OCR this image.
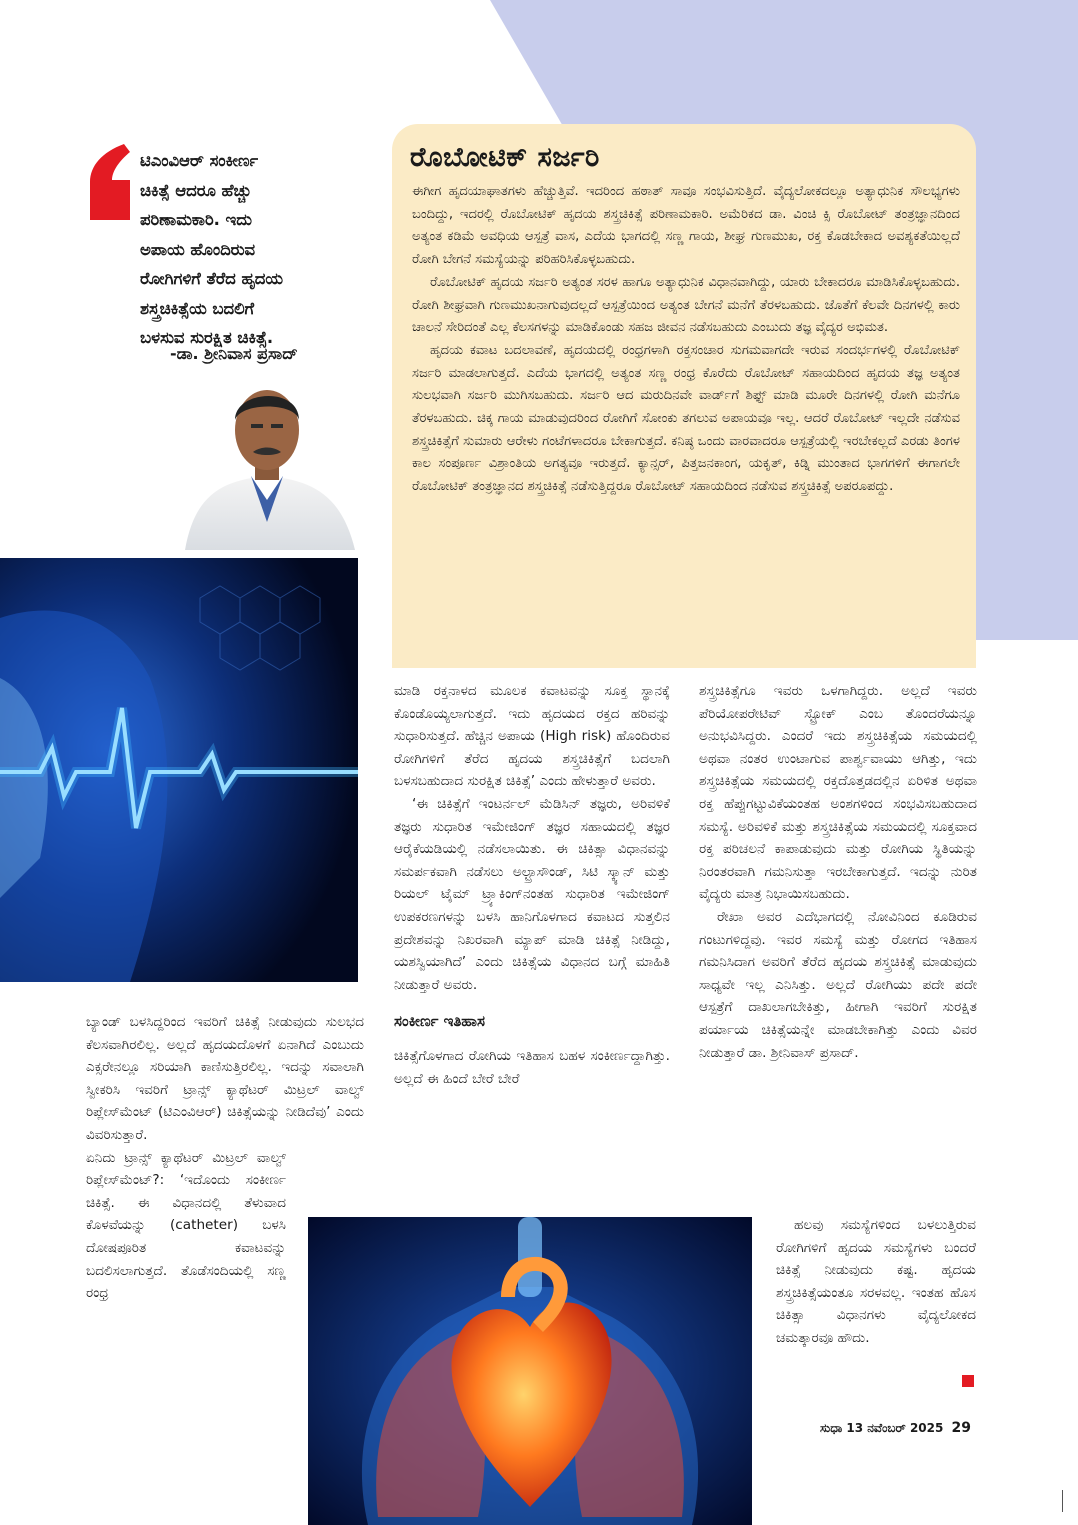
ಟಿಎಂವಿಆರ್ ಸಂಕೀರ್ಣ
ಚಿಕಿತ್ಸೆ ಆದರೂ ಹೆಚ್ಚು
ಪರಿಣಾಮಕಾರಿ. ಇದು
ಅಪಾಯ ಹೊಂದಿರುವ
ರೋಗಿಗಳಿಗೆ ತೆರೆದ ಹೃದಯ
ಶಸ್ತ್ರಚಿಕಿತ್ಸೆಯ ಬದಲಿಗೆ
ಬಳಸುವ ಸುರಕ್ಷಿತ ಚಿಕಿತ್ಸೆ.
-ಡಾ. ಶ್ರೀನಿವಾಸ ಪ್ರಸಾದ್
ರೊಬೋಟಿಕ್ ಸರ್ಜರಿ

ಈಗೀಗ ಹೃದಯಾಘಾತಗಳು ಹೆಚ್ಚುತ್ತಿವೆ. ಇದರಿಂದ ಹಠಾತ್ ಸಾವೂ ಸಂಭವಿಸುತ್ತಿದೆ. ವೈದ್ಯಲೋಕದಲ್ಲೂ ಅತ್ಯಾಧುನಿಕ ಸೌಲಭ್ಯಗಳು ಬಂದಿದ್ದು, ಇದರಲ್ಲಿ ರೊಬೋಟಿಕ್ ಹೃದಯ ಶಸ್ತ್ರಚಿಕಿತ್ಸೆ ಪರಿಣಾಮಕಾರಿ. ಅಮೆರಿಕದ ಡಾ. ವಿಂಚಿ ಕ್ಸಿ ರೊಬೋಟ್ ತಂತ್ರಜ್ಞಾನದಿಂದ ಅತ್ಯಂತ ಕಡಿಮೆ ಅವಧಿಯ ಆಸ್ಪತ್ರೆ ವಾಸ, ಎದೆಯ ಭಾಗದಲ್ಲಿ ಸಣ್ಣ ಗಾಯ, ಶೀಘ್ರ ಗುಣಮುಖ, ರಕ್ತ ಕೊಡಬೇಕಾದ ಅವಶ್ಯಕತೆಯಿಲ್ಲದೆ ರೋಗಿ ಬೇಗನೆ ಸಮಸ್ಯೆಯನ್ನು ಪರಿಹರಿಸಿಕೊಳ್ಳಬಹುದು.

ರೊಬೋಟಿಕ್ ಹೃದಯ ಸರ್ಜರಿ ಅತ್ಯಂತ ಸರಳ ಹಾಗೂ ಅತ್ಯಾಧುನಿಕ ವಿಧಾನವಾಗಿದ್ದು, ಯಾರು ಬೇಕಾದರೂ ಮಾಡಿಸಿಕೊಳ್ಳಬಹುದು. ರೋಗಿ ಶೀಘ್ರವಾಗಿ ಗುಣಮುಖನಾಗುವುದಲ್ಲದೆ ಆಸ್ಪತ್ರೆಯಿಂದ ಅತ್ಯಂತ ಬೇಗನೆ ಮನೆಗೆ ತೆರಳಬಹುದು. ಜೊತೆಗೆ ಕೆಲವೇ ದಿನಗಳಲ್ಲಿ ಕಾರು ಚಾಲನೆ ಸೇರಿದಂತೆ ಎಲ್ಲ ಕೆಲಸಗಳನ್ನು ಮಾಡಿಕೊಂಡು ಸಹಜ ಜೀವನ ನಡೆಸಬಹುದು ಎಂಬುದು ತಜ್ಞ ವೈದ್ಯರ ಅಭಿಮತ.

ಹೃದಯ ಕವಾಟ ಬದಲಾವಣೆ, ಹೃದಯದಲ್ಲಿ ರಂಧ್ರಗಳಾಗಿ ರಕ್ತಸಂಚಾರ ಸುಗಮವಾಗದೇ ಇರುವ ಸಂದರ್ಭಗಳಲ್ಲಿ ರೊಬೋಟಿಕ್ ಸರ್ಜರಿ ಮಾಡಲಾಗುತ್ತದೆ. ಎದೆಯ ಭಾಗದಲ್ಲಿ ಅತ್ಯಂತ ಸಣ್ಣ ರಂಧ್ರ ಕೊರೆದು ರೊಬೋಟ್ ಸಹಾಯದಿಂದ ಹೃದಯ ತಜ್ಞ ಅತ್ಯಂತ ಸುಲಭವಾಗಿ ಸರ್ಜರಿ ಮುಗಿಸಬಹುದು. ಸರ್ಜರಿ ಆದ ಮರುದಿನವೇ ವಾರ್ಡ್‌ಗೆ ಶಿಫ್ಟ್ ಮಾಡಿ ಮೂರೇ ದಿನಗಳಲ್ಲಿ ರೋಗಿ ಮನೆಗೂ ತೆರಳಬಹುದು. ಚಿಕ್ಕ ಗಾಯ ಮಾಡುವುದರಿಂದ ರೋಗಿಗೆ ಸೋಂಕು ತಗಲುವ ಅಪಾಯವೂ ಇಲ್ಲ. ಆದರೆ ರೊಬೋಟ್ ಇಲ್ಲದೇ ನಡೆಸುವ ಶಸ್ತ್ರಚಿಕಿತ್ಸೆಗೆ ಸುಮಾರು ಆರೇಳು ಗಂಟೆಗಳಾದರೂ ಬೇಕಾಗುತ್ತದೆ. ಕನಿಷ್ಠ ಒಂದು ವಾರವಾದರೂ ಆಸ್ಪತ್ರೆಯಲ್ಲಿ ಇರಬೇಕಲ್ಲದೆ ಎರಡು ತಿಂಗಳ ಕಾಲ ಸಂಪೂರ್ಣ ವಿಶ್ರಾಂತಿಯ ಅಗತ್ಯವೂ ಇರುತ್ತದೆ. ಕ್ಯಾನ್ಸರ್, ಪಿತ್ತಜನಕಾಂಗ, ಯಕೃತ್, ಕಿಡ್ನಿ ಮುಂತಾದ ಭಾಗಗಳಿಗೆ ಈಗಾಗಲೇ ರೊಬೋಟಿಕ್ ತಂತ್ರಜ್ಞಾನದ ಶಸ್ತ್ರಚಿಕಿತ್ಸೆ ನಡೆಸುತ್ತಿದ್ದರೂ ರೊಬೋಟ್ ಸಹಾಯದಿಂದ ನಡೆಸುವ ಶಸ್ತ್ರಚಿಕಿತ್ಸೆ ಅಪರೂಪದ್ದು.

ಬ್ಯಾಂಡ್ ಬಳಸಿದ್ದರಿಂದ ಇವರಿಗೆ ಚಿಕಿತ್ಸೆ ನೀಡುವುದು ಸುಲಭದ ಕೆಲಸವಾಗಿರಲಿಲ್ಲ. ಅಲ್ಲದೆ ಹೃದಯದೊಳಗೆ ಏನಾಗಿದೆ ಎಂಬುದು ಎಕ್ಸರೇನಲ್ಲೂ ಸರಿಯಾಗಿ ಕಾಣಿಸುತ್ತಿರಲಿಲ್ಲ. ಇದನ್ನು ಸವಾಲಾಗಿ ಸ್ವೀಕರಿಸಿ ಇವರಿಗೆ ಟ್ರಾನ್ಸ್ ಕ್ಯಾಥೆಟರ್ ಮಿಟ್ರಲ್ ವಾಲ್ವ್ ರಿಪ್ಲೇಸ್‌ಮೆಂಟ್ (ಟಿಎಂವಿಆರ್) ಚಿಕಿತ್ಸೆಯನ್ನು ನೀಡಿದೆವು’ ಎಂದು ವಿವರಿಸುತ್ತಾರೆ.

ಏನಿದು ಟ್ರಾನ್ಸ್ ಕ್ಯಾಥೆಟರ್ ಮಿಟ್ರಲ್ ವಾಲ್ವ್ ರಿಪ್ಲೇಸ್‌ಮೆಂಟ್?: ‘ಇದೊಂದು ಸಂಕೀರ್ಣ ಚಿಕಿತ್ಸೆ. ಈ ವಿಧಾನದಲ್ಲಿ ತೆಳುವಾದ ಕೊಳವೆಯನ್ನು (catheter) ಬಳಸಿ ದೋಷಪೂರಿತ ಕವಾಟವನ್ನು ಬದಲಿಸಲಾಗುತ್ತದೆ. ತೊಡೆಸಂದಿಯಲ್ಲಿ ಸಣ್ಣ ರಂಧ್ರ

ಮಾಡಿ ರಕ್ತನಾಳದ ಮೂಲಕ ಕವಾಟವನ್ನು ಸೂಕ್ತ ಸ್ಥಾನಕ್ಕೆ ಕೊಂಡೊಯ್ಯಲಾಗುತ್ತದೆ. ಇದು ಹೃದಯದ ರಕ್ತದ ಹರಿವನ್ನು ಸುಧಾರಿಸುತ್ತದೆ. ಹೆಚ್ಚಿನ ಅಪಾಯ (High risk) ಹೊಂದಿರುವ ರೋಗಿಗಳಿಗೆ ತೆರೆದ ಹೃದಯ ಶಸ್ತ್ರಚಿಕಿತ್ಸೆಗೆ ಬದಲಾಗಿ ಬಳಸಬಹುದಾದ ಸುರಕ್ಷಿತ ಚಿಕಿತ್ಸೆ’ ಎಂದು ಹೇಳುತ್ತಾರೆ ಅವರು.

‘ಈ ಚಿಕಿತ್ಸೆಗೆ ಇಂಟರ್ನಲ್ ಮೆಡಿಸಿನ್ ತಜ್ಞರು, ಅರಿವಳಿಕೆ ತಜ್ಞರು ಸುಧಾರಿತ ಇಮೇಜಿಂಗ್ ತಜ್ಞರ ಸಹಾಯದಲ್ಲಿ ತಜ್ಞರ ಆರೈಕೆಯಡಿಯಲ್ಲಿ ನಡೆಸಲಾಯಿತು. ಈ ಚಿಕಿತ್ಸಾ ವಿಧಾನವನ್ನು ಸಮರ್ಪಕವಾಗಿ ನಡೆಸಲು ಅಲ್ಟ್ರಾಸೌಂಡ್, ಸಿಟಿ ಸ್ಕ್ಯಾನ್ ಮತ್ತು ರಿಯಲ್ ಟೈಮ್ ಟ್ರ್ಯಾಕಿಂಗ್‌ನಂತಹ ಸುಧಾರಿತ ಇಮೇಜಿಂಗ್ ಉಪಕರಣಗಳನ್ನು ಬಳಸಿ ಹಾನಿಗೊಳಗಾದ ಕವಾಟದ ಸುತ್ತಲಿನ ಪ್ರದೇಶವನ್ನು ನಿಖರವಾಗಿ ಮ್ಯಾಪ್ ಮಾಡಿ ಚಿಕಿತ್ಸೆ ನೀಡಿದ್ದು, ಯಶಸ್ವಿಯಾಗಿದೆ’ ಎಂದು ಚಿಕಿತ್ಸೆಯ ವಿಧಾನದ ಬಗ್ಗೆ ಮಾಹಿತಿ ನೀಡುತ್ತಾರೆ ಅವರು.

ಸಂಕೀರ್ಣ ಇತಿಹಾಸ

ಚಿಕಿತ್ಸೆಗೊಳಗಾದ ರೋಗಿಯ ಇತಿಹಾಸ ಬಹಳ ಸಂಕೀರ್ಣದ್ದಾಗಿತ್ತು. ಅಲ್ಲದೆ ಈ ಹಿಂದೆ ಬೇರೆ ಬೇರೆ

ಶಸ್ತ್ರಚಿಕಿತ್ಸೆಗೂ ಇವರು ಒಳಗಾಗಿದ್ದರು. ಅಲ್ಲದೆ ಇವರು ಪೆರಿಯೋಪರೇಟಿವ್ ಸ್ಟ್ರೋಕ್ ಎಂಬ ತೊಂದರೆಯನ್ನೂ ಅನುಭವಿಸಿದ್ದರು. ಎಂದರೆ ಇದು ಶಸ್ತ್ರಚಿಕಿತ್ಸೆಯ ಸಮಯದಲ್ಲಿ ಅಥವಾ ನಂತರ ಉಂಟಾಗುವ ಪಾರ್ಶ್ವವಾಯು ಆಗಿತ್ತು, ಇದು ಶಸ್ತ್ರಚಿಕಿತ್ಸೆಯ ಸಮಯದಲ್ಲಿ ರಕ್ತದೊತ್ತಡದಲ್ಲಿನ ಏರಿಳಿತ ಅಥವಾ ರಕ್ತ ಹೆಪ್ಪುಗಟ್ಟುವಿಕೆಯಂತಹ ಅಂಶಗಳಿಂದ ಸಂಭವಿಸಬಹುದಾದ ಸಮಸ್ಯೆ. ಅರಿವಳಿಕೆ ಮತ್ತು ಶಸ್ತ್ರಚಿಕಿತ್ಸೆಯ ಸಮಯದಲ್ಲಿ ಸೂಕ್ತವಾದ ರಕ್ತ ಪರಿಚಲನೆ ಕಾಪಾಡುವುದು ಮತ್ತು ರೋಗಿಯ ಸ್ಥಿತಿಯನ್ನು ನಿರಂತರವಾಗಿ ಗಮನಿಸುತ್ತಾ ಇರಬೇಕಾಗುತ್ತದೆ. ಇದನ್ನು ನುರಿತ ವೈದ್ಯರು ಮಾತ್ರ ನಿಭಾಯಿಸಬಹುದು.

ರೇಖಾ ಅವರ ಎದೆಭಾಗದಲ್ಲಿ ನೋವಿನಿಂದ ಕೂಡಿರುವ ಗಂಟುಗಳಿದ್ದವು. ಇವರ ಸಮಸ್ಯೆ ಮತ್ತು ರೋಗದ ಇತಿಹಾಸ ಗಮನಿಸಿದಾಗ ಅವರಿಗೆ ತೆರೆದ ಹೃದಯ ಶಸ್ತ್ರಚಿಕಿತ್ಸೆ ಮಾಡುವುದು ಸಾಧ್ಯವೇ ಇಲ್ಲ ಎನಿಸಿತ್ತು. ಅಲ್ಲದೆ ರೋಗಿಯು ಪದೇ ಪದೇ ಆಸ್ಪತ್ರೆಗೆ ದಾಖಲಾಗಬೇಕಿತ್ತು, ಹೀಗಾಗಿ ಇವರಿಗೆ ಸುರಕ್ಷಿತ ಪರ್ಯಾಯ ಚಿಕಿತ್ಸೆಯನ್ನೇ ಮಾಡಬೇಕಾಗಿತ್ತು ಎಂದು ವಿವರ ನೀಡುತ್ತಾರೆ ಡಾ. ಶ್ರೀನಿವಾಸ್ ಪ್ರಸಾದ್.

ಹಲವು ಸಮಸ್ಯೆಗಳಿಂದ ಬಳಲುತ್ತಿರುವ ರೋಗಿಗಳಿಗೆ ಹೃದಯ ಸಮಸ್ಯೆಗಳು ಬಂದರೆ ಚಿಕಿತ್ಸೆ ನೀಡುವುದು ಕಷ್ಟ. ಹೃದಯ ಶಸ್ತ್ರಚಿಕಿತ್ಸೆಯಂತೂ ಸರಳವಲ್ಲ. ಇಂತಹ ಹೊಸ ಚಿಕಿತ್ಸಾ ವಿಧಾನಗಳು ವೈದ್ಯಲೋಕದ ಚಮತ್ಕಾರವೂ ಹೌದು.

ಸುಧಾ 13 ನವೆಂಬರ್ 2025 29
